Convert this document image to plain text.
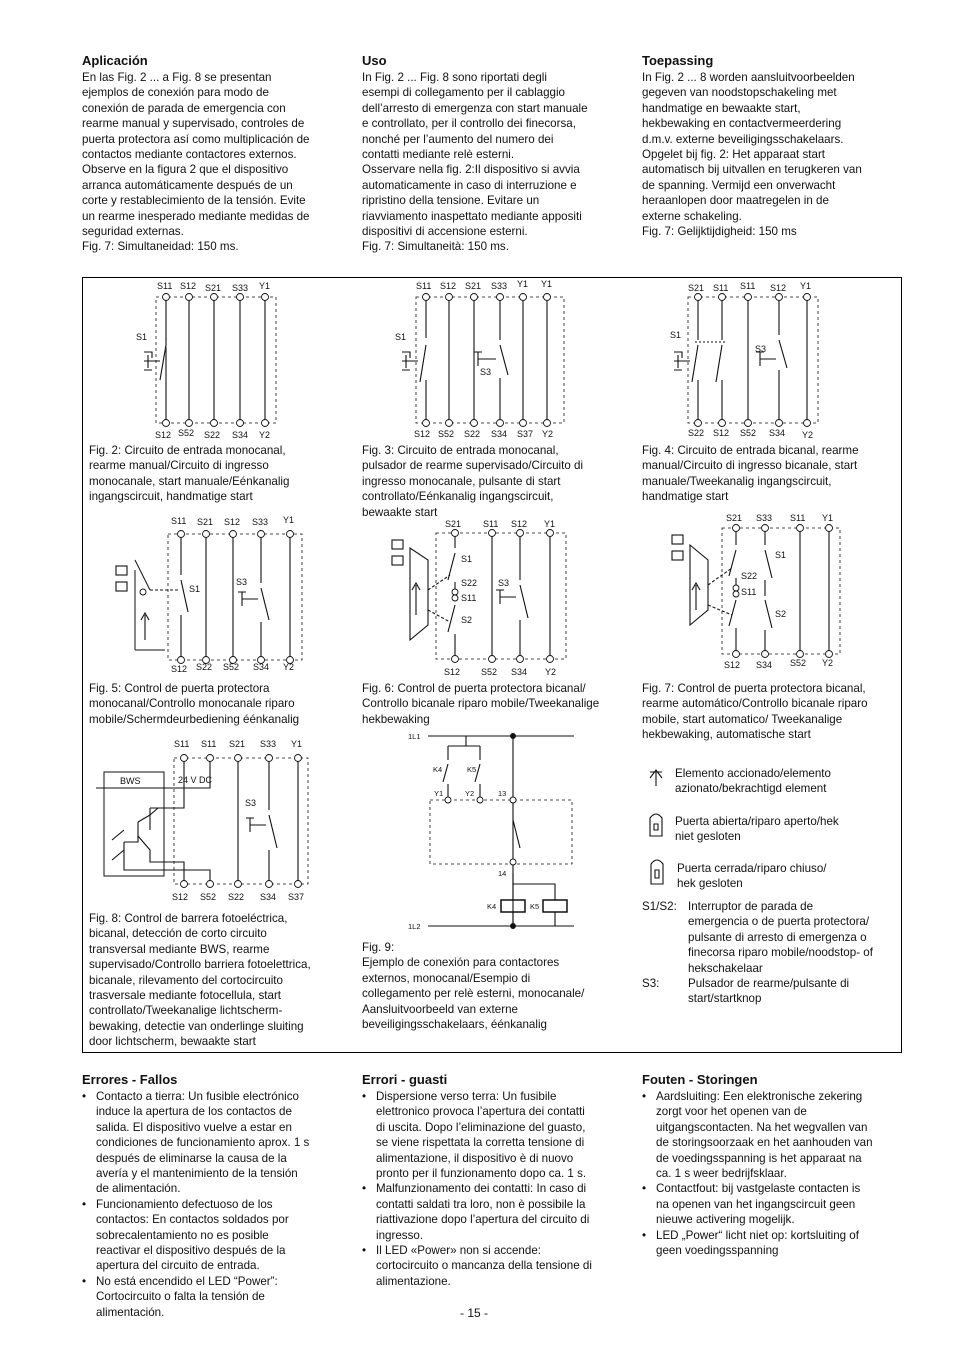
Aplicación
En las Fig. 2 ... a Fig. 8 se presentan
ejemplos de conexión para modo de
conexión de parada de emergencia con
rearme manual y supervisado, controles de
puerta protectora así como multiplicación de
contactos mediante contactores externos.
Observe en la figura 2 que el dispositivo
arranca automáticamente después de un
corte y restablecimiento de la tensión. Evite
un rearme inesperado mediante medidas de
seguridad externas.
Fig. 7: Simultaneidad: 150 ms.
Uso
In Fig. 2 ... Fig. 8 sono riportati degli
esempi di collegamento per il cablaggio
dell’arresto di emergenza con start manuale
e controllato, per il controllo dei finecorsa,
nonché per l’aumento del numero dei
contatti mediante relè esterni.
Osservare nella fig. 2:Il dispositivo si avvia
automaticamente in caso di interruzione e
ripristino della tensione. Evitare un
riavviamento inaspettato mediante appositi
dispositivi di accensione esterni.
Fig. 7: Simultaneità: 150 ms.
Toepassing
In Fig. 2 ... 8 worden aansluitvoorbeelden
gegeven van noodstopschakeling met
handmatige en bewaakte start,
hekbewaking en contactvermeerdering
d.m.v. externe beveiligingsschakelaars.
Opgelet bij fig. 2: Het apparaat start
automatisch bij uitvallen en terugkeren van
de spanning. Vermijd een onverwacht
heraanlopen door maatregelen in de
externe schakeling.
Fig. 7: Gelijktijdigheid: 150 ms
S11 S12 S21 S33 Y1
S12 S52 S22 S34 Y2
S1
S11 S12 S21 S33 Y1 Y1
S12 S52 S22 S34 S37 Y2
S1
S3
S21 S11 S11 S12 Y1
S22 S12 S52 S34 Y2
S1
S3
S11 S21 S12 S33 Y1
S12 S22 S52 S34 Y2
S1
S3
S21 S11 S12 Y1
S12 S52 S34 Y2
S1
S22
S11
S2
S3
S21 S33 S11 Y1
S12 S34 S52 Y2
S1
S22
S11
S2
S11 S11 S21 S33 Y1
S12 S52 S22 S34 S37
BWS	24 V DC
S3
1L1
1L2
K4	K5
Y1	Y2	13
14
K4	K5
Fig. 2: Circuito de entrada monocanal,
rearme manual/Circuito di ingresso
monocanale, start manuale/Eénkanalig
ingangscircuit, handmatige start
Fig. 3: Circuito de entrada monocanal,
pulsador de rearme supervisado/Circuito di
ingresso monocanale, pulsante di start
controllato/Eénkanalig ingangscircuit,
bewaakte start
Fig. 4: Circuito de entrada bicanal, rearme
manual/Circuito di ingresso bicanale, start
manuale/Tweekanalig ingangscircuit,
handmatige start
Fig. 5: Control de puerta protectora
monocanal/Controllo monocanale riparo
mobile/Schermdeurbediening éénkanalig
Fig. 6: Control de puerta protectora bicanal/
Controllo bicanale riparo mobile/Tweekanalige
hekbewaking
Fig. 7: Control de puerta protectora bicanal,
rearme automático/Controllo bicanale riparo
mobile, start automatico/ Tweekanalige
hekbewaking, automatische start
Fig. 8: Control de barrera fotoeléctrica,
bicanal, detección de corto circuito
transversal mediante BWS, rearme
supervisado/Controllo barriera fotoelettrica,
bicanale, rilevamento del cortocircuito
trasversale mediante fotocellula, start
controllato/Tweekanalige lichtscherm-
bewaking, detectie van onderlinge sluiting
door lichtscherm, bewaakte start
Fig. 9:
Ejemplo de conexión para contactores
externos, monocanal/Esempio di
collegamento per relè esterni, monocanale/
Aansluitvoorbeeld van externe
beveiligingsschakelaars, éénkanalig
Elemento accionado/elemento
azionato/bekrachtigd element
Puerta abierta/riparo aperto/hek
niet gesloten
Puerta cerrada/riparo chiuso/
hek gesloten
S1/S2: Interruptor de parada de
emergencia o de puerta protectora/
pulsante di arresto di emergenza o
finecorsa riparo mobile/noodstop- of
hekschakelaar
S3:	Pulsador de rearme/pulsante di
start/startknop
Errores - Fallos
• Contacto a tierra: Un fusible electrónico
induce la apertura de los contactos de
salida. El dispositivo vuelve a estar en
condiciones de funcionamiento aprox. 1 s
después de eliminarse la causa de la
avería y el mantenimiento de la tensión
de alimentación.
• Funcionamiento defectuoso de los
contactos: En contactos soldados por
sobrecalentamiento no es posible
reactivar el dispositivo después de la
apertura del circuito de entrada.
• No está encendido el LED “Power”:
Cortocircuito o falta la tensión de
alimentación.
Errori - guasti
• Dispersione verso terra: Un fusibile
elettronico provoca l’apertura dei contatti
di uscita. Dopo l’eliminazione del guasto,
se viene rispettata la corretta tensione di
alimentazione, il dispositivo è di nuovo
pronto per il funzionamento dopo ca. 1 s.
• Malfunzionamento dei contatti: In caso di
contatti saldati tra loro, non è possibile la
riattivazione dopo l’apertura del circuito di
ingresso.
• Il LED «Power» non si accende:
cortocircuito o mancanza della tensione di
alimentazione.
Fouten - Storingen
• Aardsluiting: Een elektronische zekering
zorgt voor het openen van de
uitgangscontacten. Na het wegvallen van
de storingsoorzaak en het aanhouden van
de voedingsspanning is het apparaat na
ca. 1 s weer bedrijfsklaar.
• Contactfout: bij vastgelaste contacten is
na openen van het ingangscircuit geen
nieuwe activering mogelijk.
• LED „Power“ licht niet op: kortsluiting of
geen voedingsspanning
- 15 -
